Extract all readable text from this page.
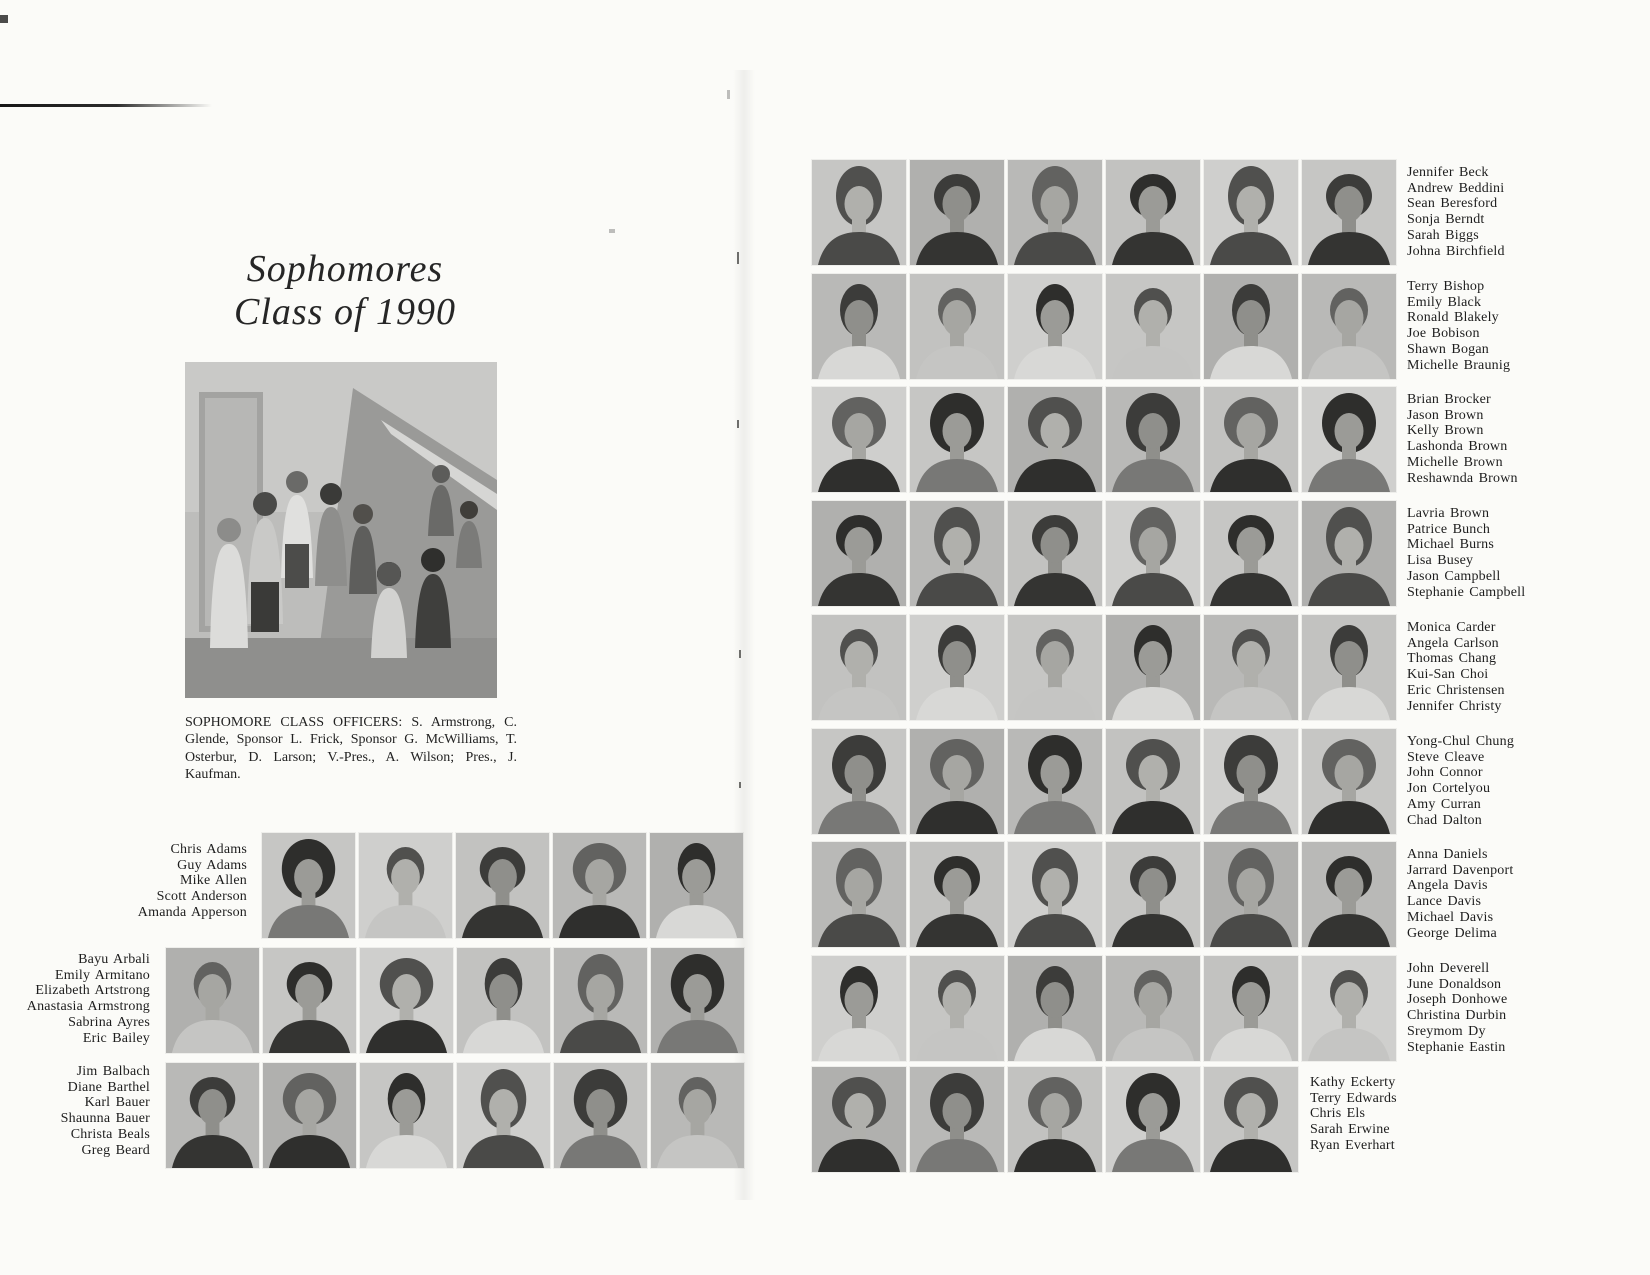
Sophomores
Class of 1990
SOPHOMORE CLASS OFFICERS: S. Armstrong, C. Glende, Sponsor L. Frick, Sponsor G. McWilliams, T. Osterbur, D. Larson; V.-Pres., A. Wilson; Pres., J. Kaufman.
Chris Adams
Guy Adams
Mike Allen
Scott Anderson
Amanda Apperson
Bayu Arbali
Emily Armitano
Elizabeth Artstrong
Anastasia Armstrong
Sabrina Ayres
Eric Bailey
Jim Balbach
Diane Barthel
Karl Bauer
Shaunna Bauer
Christa Beals
Greg Beard
Jennifer Beck
Andrew Beddini
Sean Beresford
Sonja Berndt
Sarah Biggs
Johna Birchfield
Terry Bishop
Emily Black
Ronald Blakely
Joe Bobison
Shawn Bogan
Michelle Braunig
Brian Brocker
Jason Brown
Kelly Brown
Lashonda Brown
Michelle Brown
Reshawnda Brown
Lavria Brown
Patrice Bunch
Michael Burns
Lisa Busey
Jason Campbell
Stephanie Campbell
Monica Carder
Angela Carlson
Thomas Chang
Kui-San Choi
Eric Christensen
Jennifer Christy
Yong-Chul Chung
Steve Cleave
John Connor
Jon Cortelyou
Amy Curran
Chad Dalton
Anna Daniels
Jarrard Davenport
Angela Davis
Lance Davis
Michael Davis
George Delima
John Deverell
June Donaldson
Joseph Donhowe
Christina Durbin
Sreymom Dy
Stephanie Eastin
Kathy Eckerty
Terry Edwards
Chris Els
Sarah Erwine
Ryan Everhart
